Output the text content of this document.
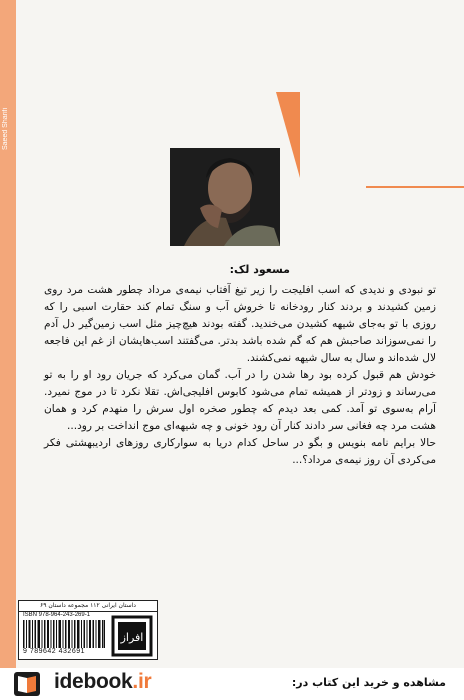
Saeed Sharifi
مسعود لک:

تو نبودی و ندیدی که اسب افلیجت را زیر تیغ آفتاب نیمه‌ی مرداد چطور هشت مرد روی زمین کشیدند و بردند کنار رودخانه تا خروش آب و سنگ تمام کند حقارت اسبی را که روزی با تو به‌جای شیهه کشیدن می‌خندید. گفته بودند هیچ‌چیز مثل اسب زمین‌گیر دل آدم را نمی‌سوزاند صاحبش هم که گم شده باشد بدتر. می‌گفتند اسب‌هایشان از غم این فاجعه لال شده‌اند و سال به سال شیهه نمی‌کشند.

خودش هم قبول کرده بود رها شدن را در آب. گمان می‌کرد که جریان رود او را به تو می‌رساند و زودتر از همیشه تمام می‌شود کابوس افلیجی‌اش. تقلا نکرد تا در موج نمیرد. آرام به‌سوی تو آمد. کمی بعد دیدم که چطور صخره اول سرش را منهدم کرد و همان هشت مرد چه فغانی سر دادند کنار آن رود خونی و چه شیهه‌ای موج انداخت بر رود...

حالا برایم نامه بنویس و بگو در ساحل کدام دریا به سوارکاری روزهای اردیبهشتی فکر می‌کردی آن روز نیمه‌ی مرداد؟...

داستان ایرانی ۱۱۲ مجموعه داستان ۶۹
ISBN 978-964-243-269-1
9 789642 432691
افراز
idebook.ir	مشاهده و خرید این کتاب در:
